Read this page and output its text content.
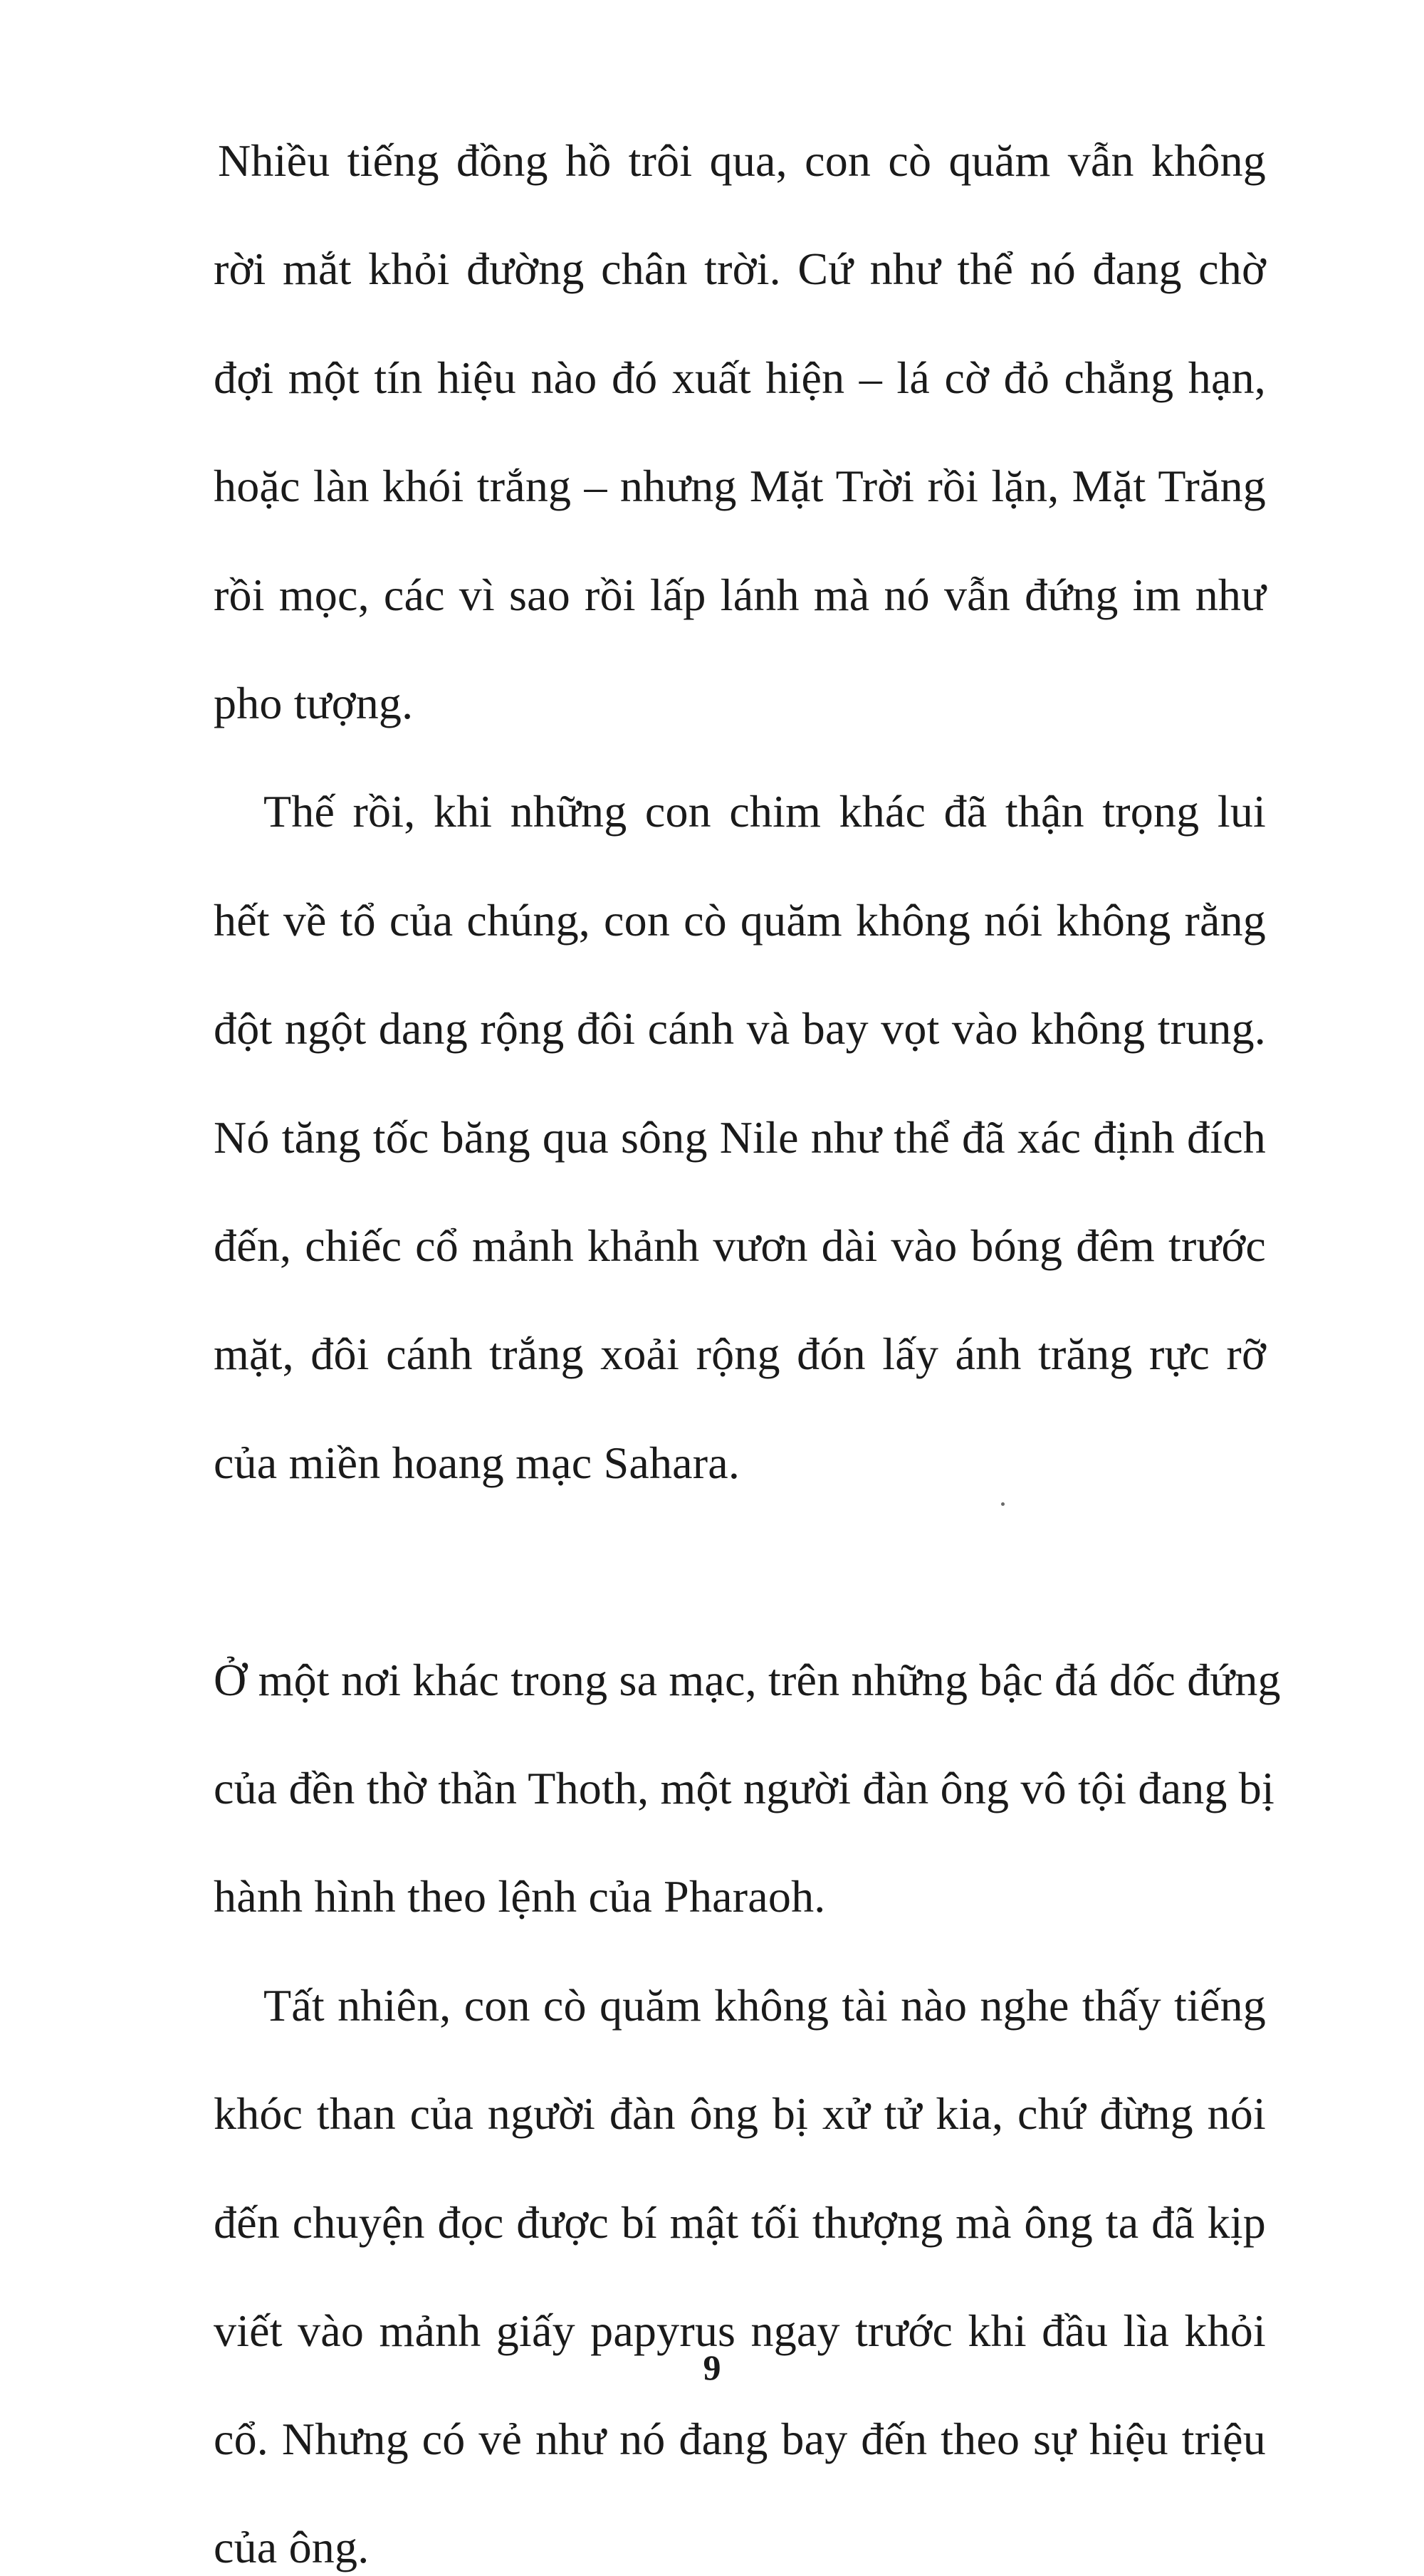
Nhiều tiếng đồng hồ trôi qua, con cò quăm vẫn không
rời mắt khỏi đường chân trời. Cứ như thể nó đang chờ
đợi một tín hiệu nào đó xuất hiện – lá cờ đỏ chẳng hạn,
hoặc làn khói trắng – nhưng Mặt Trời rồi lặn, Mặt Trăng
rồi mọc, các vì sao rồi lấp lánh mà nó vẫn đứng im như
pho tượng.
Thế rồi, khi những con chim khác đã thận trọng lui
hết về tổ của chúng, con cò quăm không nói không rằng
đột ngột dang rộng đôi cánh và bay vọt vào không trung.
Nó tăng tốc băng qua sông Nile như thể đã xác định đích
đến, chiếc cổ mảnh khảnh vươn dài vào bóng đêm trước
mặt, đôi cánh trắng xoải rộng đón lấy ánh trăng rực rỡ
của miền hoang mạc Sahara.
Ở một nơi khác trong sa mạc, trên những bậc đá dốc đứng
của đền thờ thần Thoth, một người đàn ông vô tội đang bị
hành hình theo lệnh của Pharaoh.
Tất nhiên, con cò quăm không tài nào nghe thấy tiếng
khóc than của người đàn ông bị xử tử kia, chứ đừng nói
đến chuyện đọc được bí mật tối thượng mà ông ta đã kịp
viết vào mảnh giấy papyrus ngay trước khi đầu lìa khỏi
cổ. Nhưng có vẻ như nó đang bay đến theo sự hiệu triệu
của ông.
9
